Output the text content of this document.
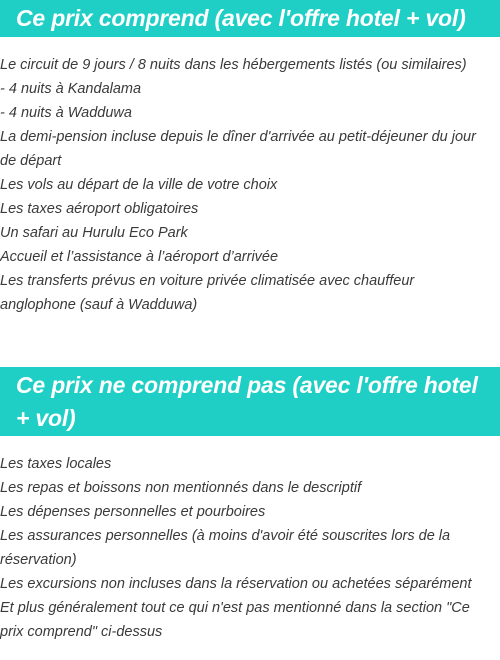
Ce prix comprend (avec l'offre hotel + vol)
Le circuit de 9 jours / 8 nuits dans les hébergements listés (ou similaires)
- 4 nuits à Kandalama
- 4 nuits à Wadduwa
La demi-pension incluse depuis le dîner d'arrivée au petit-déjeuner du jour de départ
Les vols au départ de la ville de votre choix
Les taxes aéroport obligatoires
Un safari au Hurulu Eco Park
Accueil et l’assistance à l’aéroport d’arrivée
Les transferts prévus en voiture privée climatisée avec chauffeur anglophone (sauf à Wadduwa)
Ce prix ne comprend pas (avec l'offre hotel + vol)
Les taxes locales
Les repas et boissons non mentionnés dans le descriptif
Les dépenses personnelles et pourboires
Les assurances personnelles (à moins d'avoir été souscrites lors de la réservation)
Les excursions non incluses dans la réservation ou achetées séparément
Et plus généralement tout ce qui n'est pas mentionné dans la section "Ce prix comprend" ci-dessus
